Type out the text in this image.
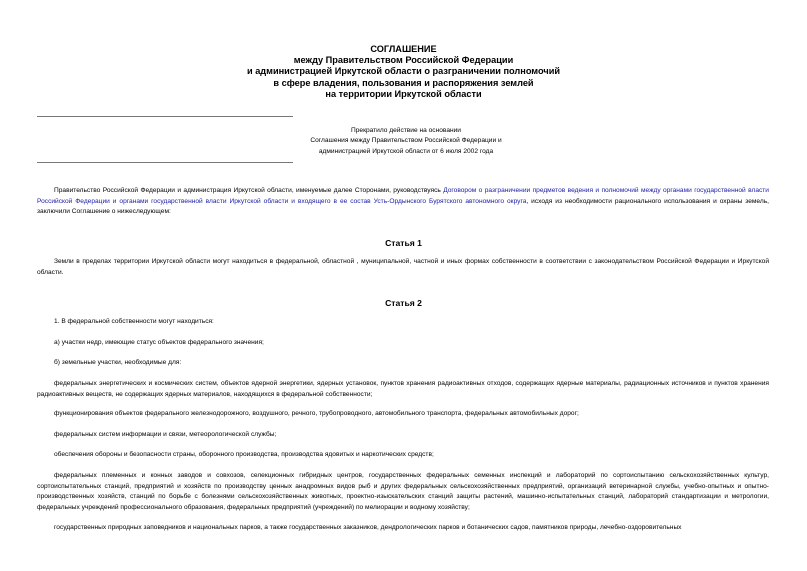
СОГЛАШЕНИЕ
между Правительством Российской Федерации
и администрацией Иркутской области о разграничении полномочий
в сфере владения, пользования и распоряжения землей
на территории Иркутской области
Прекратило действие на основании
Соглашения между Правительством Российской Федерации и
администрацией Иркутской области от 6 июля 2002 года
Правительство Российской Федерации и администрация Иркутской области, именуемые далее Сторонами, руководствуясь Договором о разграничении предметов ведения и полномочий между органами государственной власти Российской Федерации и органами государственной власти Иркутской области и входящего в ее состав Усть-Ордынского Бурятского автономного округа, исходя из необходимости рационального использования и охраны земель, заключили Соглашение о нижеследующем:
Статья 1
Земли в пределах территории Иркутской области могут находиться в федеральной, областной , муниципальной, частной и иных формах собственности в соответствии с законодательством Российской Федерации и Иркутской области.
Статья 2
1. В федеральной собственности могут находиться:
а) участки недр, имеющие статус объектов федерального значения;
б) земельные участки, необходимые для:
федеральных энергетических и космических систем, объектов ядерной энергетики, ядерных установок, пунктов хранения радиоактивных отходов, содержащих ядерные материалы, радиационных источников и пунктов хранения радиоактивных веществ, не содержащих ядерных материалов, находящихся в федеральной собственности;
функционирования объектов федерального железнодорожного, воздушного, речного, трубопроводного, автомобильного транспорта, федеральных автомобильных дорог;
федеральных систем информации и связи, метеорологической службы;
обеспечения обороны и безопасности страны, оборонного производства, производства ядовитых и наркотических средств;
федеральных племенных и конных заводов и совхозов, селекционных гибридных центров, государственных федеральных семенных инспекций и лабораторий по сортоиспытанию сельскохозяйственных культур, сортоиспытательных станций, предприятий и хозяйств по производству ценных анадромных видов рыб и других федеральных сельскохозяйственных предприятий, организаций ветеринарной службы, учебно-опытных и опытно-производственных хозяйств, станций по борьбе с болезнями сельскохозяйственных животных, проектно-изыскательских станций защиты растений, машинно-испытательных станций, лабораторий стандартизации и метрологии, федеральных учреждений профессионального образования, федеральных предприятий (учреждений) по мелиорации и водному хозяйству;
государственных природных заповедников и национальных парков, а также государственных заказников, дендрологических парков и ботанических садов, памятников природы, лечебно-оздоровительных
